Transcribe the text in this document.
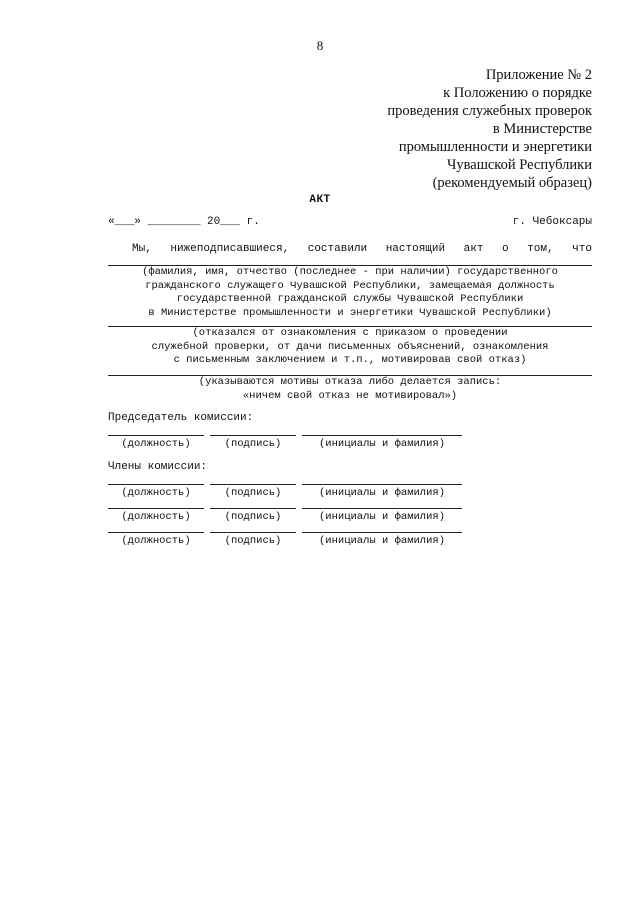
8
Приложение № 2
к Положению о порядке
проведения служебных проверок
в Министерстве
промышленности и энергетики
Чувашской Республики
(рекомендуемый образец)
АКТ
«___» ________ 20___ г.	г. Чебоксары
Мы, нижеподписавшиеся, составили настоящий акт о том, что
(фамилия, имя, отчество (последнее - при наличии) государственного
гражданского служащего Чувашской Республики, замещаемая должность
государственной гражданской службы Чувашской Республики
в Министерстве промышленности и энергетики Чувашской Республики)
(отказался от ознакомления с приказом о проведении
служебной проверки, от дачи письменных объяснений, ознакомления
с письменным заключением и т.п., мотивировав свой отказ)
(указываются мотивы отказа либо делается запись:
«ничем свой отказ не мотивировал»)
Председатель комиссии:
(должность)	(подпись)	(инициалы и фамилия)
Члены комиссии:
(должность)	(подпись)	(инициалы и фамилия)
(должность)	(подпись)	(инициалы и фамилия)
(должность)	(подпись)	(инициалы и фамилия)
